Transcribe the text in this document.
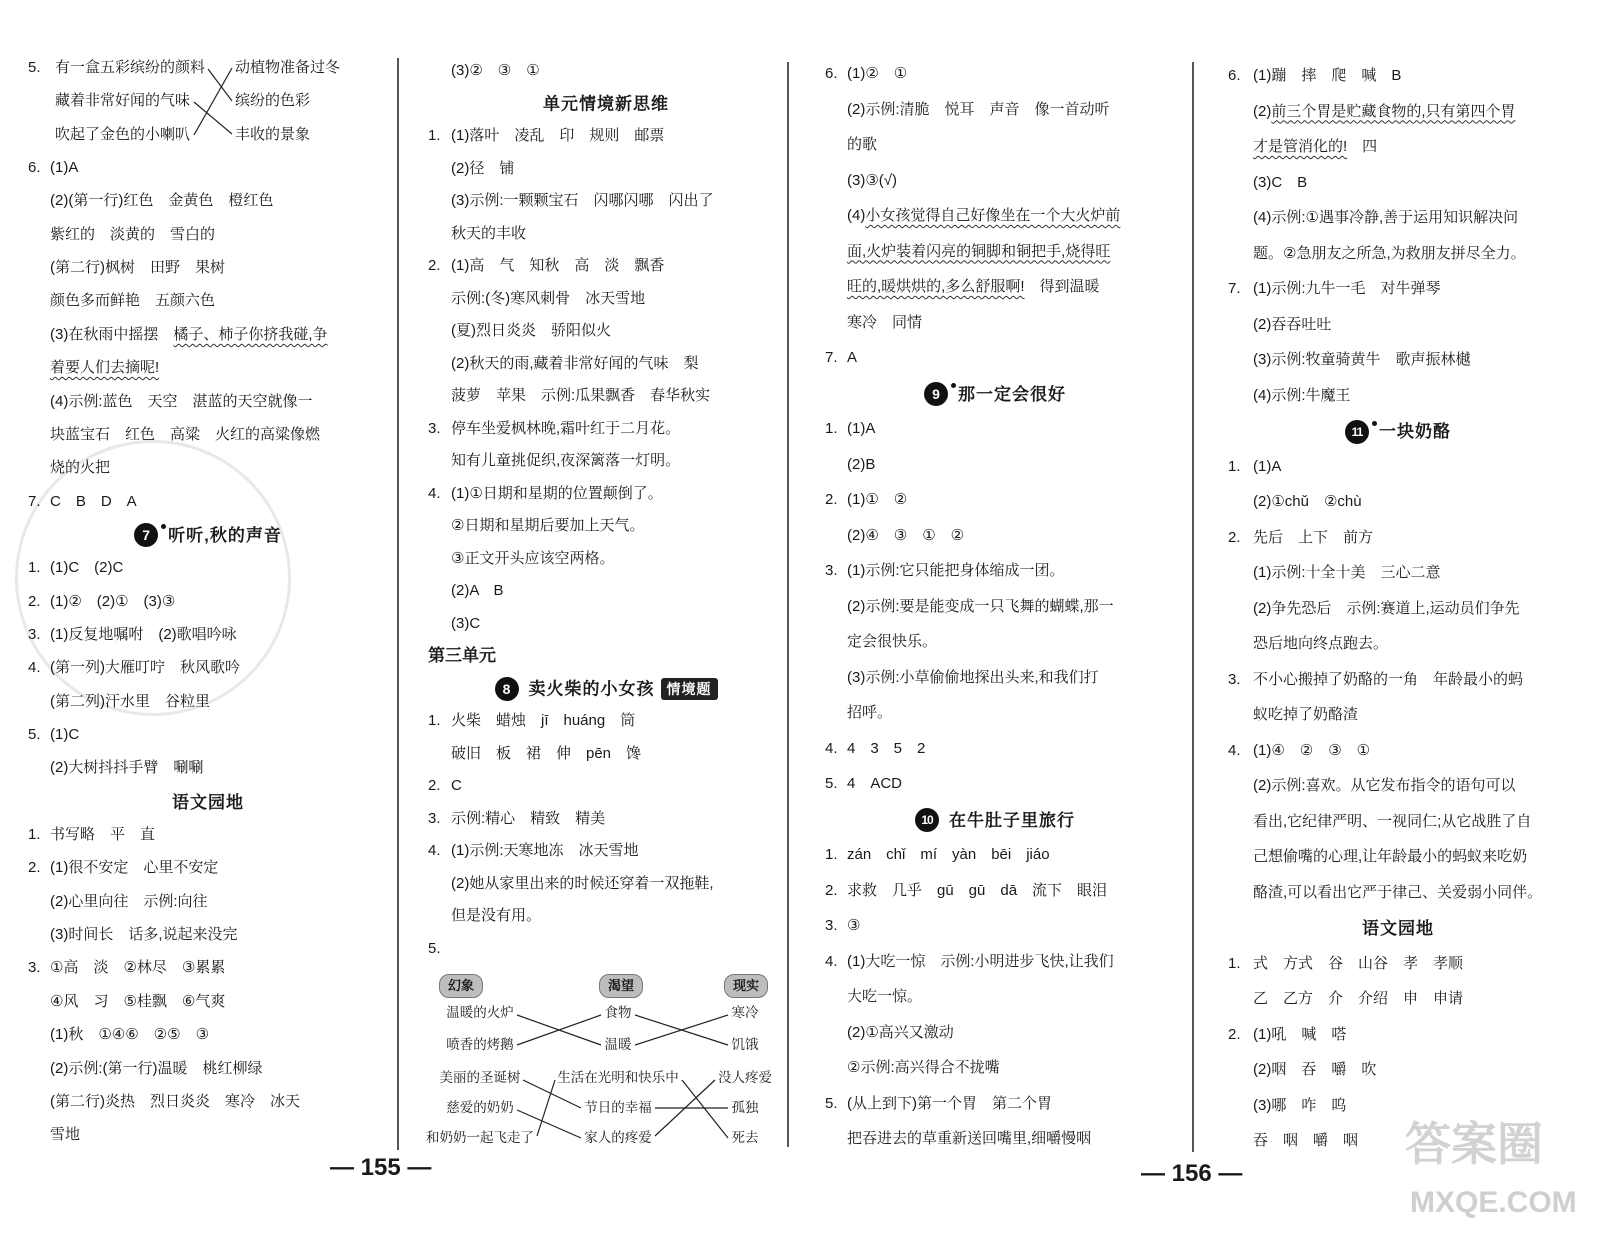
5. 有一盒五彩缤纷的颜料
藏着非常好闻的气味
吹起了金色的小喇叭
动植物准备过冬
缤纷的色彩
丰收的景象
幻象	渴望	现实
温暖的火炉
喷香的烤鹅
美丽的圣诞树
慈爱的奶奶
和奶奶一起飞走了
食物
温暖
生活在光明和快乐中
节日的幸福
家人的疼爱
寒冷
饥饿
没人疼爱
孤独
死去
6. (1)A
(2)(第一行)红色　金黄色　橙红色
紫红的　淡黄的　雪白的
(第二行)枫树　田野　果树
颜色多而鲜艳　五颜六色
(3)在秋雨中摇摆　橘子、柿子你挤我碰,争
着要人们去摘呢!
(4)示例:蓝色　天空　湛蓝的天空就像一
块蓝宝石　红色　高粱　火红的高粱像燃
烧的火把
7. C　B　D　A
7 听听,秋的声音
1. (1)C　(2)C
2. (1)②　(2)①　(3)③
3. (1)反复地嘱咐　(2)歌唱吟咏
4. (第一列)大雁叮咛　秋风歌吟
(第二列)汗水里　谷粒里
5. (1)C
(2)大树抖抖手臂　唰唰
语文园地
1. 书写略　平　直
2. (1)很不安定　心里不安定
(2)心里向往　示例:向往
(3)时间长　话多,说起来没完
3. ①高　淡　②林尽　③累累
④风　习　⑤桂飘　⑥气爽
(1)秋　①④⑥　②⑤　③
(2)示例:(第一行)温暖　桃红柳绿
(第二行)炎热　烈日炎炎　寒冷　冰天
雪地
(3)②　③　①
单元情境新思维
1. (1)落叶　凌乱　印　规则　邮票
(2)径　铺
(3)示例:一颗颗宝石　闪哪闪哪　闪出了
秋天的丰收
2. (1)高　气　知秋　高　淡　飘香
示例:(冬)寒风刺骨　冰天雪地
(夏)烈日炎炎　骄阳似火
(2)秋天的雨,藏着非常好闻的气味　梨
菠萝　苹果　示例:瓜果飘香　春华秋实
3. 停车坐爱枫林晚,霜叶红于二月花。
知有儿童挑促织,夜深篱落一灯明。
4. (1)①日期和星期的位置颠倒了。
②日期和星期后要加上天气。
③正文开头应该空两格。
(2)A　B
(3)C
第三单元
8 卖火柴的小女孩 情境题
1. 火柴　蜡烛　jī　huáng　筒
破旧　板　裙　伸　pēn　馋
2. C
3. 示例:精心　精致　精美
4. (1)示例:天寒地冻　冰天雪地
(2)她从家里出来的时候还穿着一双拖鞋,
但是没有用。
5.
6. (1)②　①
(2)示例:清脆　悦耳　声音　像一首动听
的歌
(3)③(√)
(4)小女孩觉得自己好像坐在一个大火炉前
面,火炉装着闪亮的铜脚和铜把手,烧得旺
旺的,暖烘烘的,多么舒服啊!　得到温暖
寒冷　同情
7. A
9 那一定会很好
1. (1)A
(2)B
2. (1)①　②
(2)④　③　①　②
3. (1)示例:它只能把身体缩成一团。
(2)示例:要是能变成一只飞舞的蝴蝶,那一
定会很快乐。
(3)示例:小草偷偷地探出头来,和我们打
招呼。
4. 4　3　5　2
5. 4　ACD
10 在牛肚子里旅行
1. zán　chǐ　mí　yàn　bēi　jiáo
2. 求救　几乎　gū　gū　dā　流下　眼泪
3. ③
4. (1)大吃一惊　示例:小明进步飞快,让我们
大吃一惊。
(2)①高兴又激动
②示例:高兴得合不拢嘴
5. (从上到下)第一个胃　第二个胃
把吞进去的草重新送回嘴里,细嚼慢咽
6. (1)蹦　摔　爬　喊　B
(2)前三个胃是贮藏食物的,只有第四个胃
才是管消化的!　四
(3)C　B
(4)示例:①遇事冷静,善于运用知识解决问
题。②急朋友之所急,为救朋友拼尽全力。
7. (1)示例:九牛一毛　对牛弹琴
(2)吞吞吐吐
(3)示例:牧童骑黄牛　歌声振林樾
(4)示例:牛魔王
11 一块奶酪
1. (1)A
(2)①chǔ　②chù
2. 先后　上下　前方
(1)示例:十全十美　三心二意
(2)争先恐后　示例:赛道上,运动员们争先
恐后地向终点跑去。
3. 不小心搬掉了奶酪的一角　年龄最小的蚂
蚁吃掉了奶酪渣
4. (1)④　②　③　①
(2)示例:喜欢。从它发布指令的语句可以
看出,它纪律严明、一视同仁;从它战胜了自
己想偷嘴的心理,让年龄最小的蚂蚁来吃奶
酪渣,可以看出它严于律己、关爱弱小同伴。
语文园地
1. 式　方式　谷　山谷　孝　孝顺
乙　乙方　介　介绍　申　申请
2. (1)吼　喊　嗒
(2)咽　吞　嚼　吹
(3)哪　咋　呜
吞　咽　嚼　咽
— 155 —	— 156 —
答案圈
MXQE.COM
